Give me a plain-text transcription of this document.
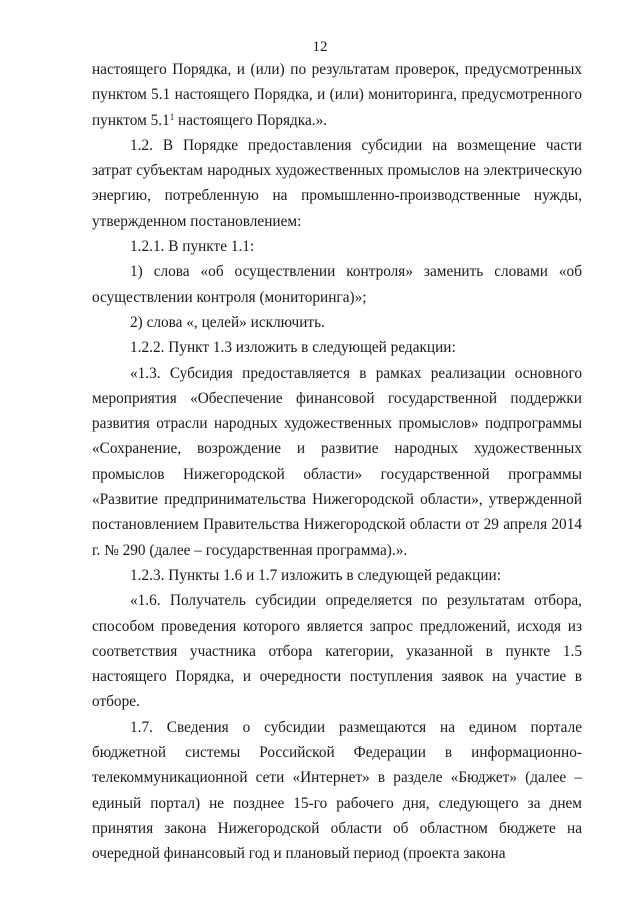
12

настоящего Порядка, и (или) по результатам проверок, предусмотренных пунктом 5.1 настоящего Порядка, и (или) мониторинга, предусмотренного пунктом $5.1^1$ настоящего Порядка.».

1.2. В Порядке предоставления субсидии на возмещение части затрат субъектам народных художественных промыслов на электрическую энергию, потребленную на промышленно-производственные нужды, утвержденном постановлением:

1.2.1. В пункте 1.1:

1) слова «об осуществлении контроля» заменить словами «об осуществлении контроля (мониторинга)»;

2) слова «, целей» исключить.

1.2.2. Пункт 1.3 изложить в следующей редакции:

«1.3. Субсидия предоставляется в рамках реализации основного мероприятия «Обеспечение финансовой государственной поддержки развития отрасли народных художественных промыслов» подпрограммы «Сохранение, возрождение и развитие народных художественных промыслов Нижегородской области» государственной программы «Развитие предпринимательства Нижегородской области», утвержденной постановлением Правительства Нижегородской области от 29 апреля 2014 г. № 290 (далее – государственная программа).».

1.2.3. Пункты 1.6 и 1.7 изложить в следующей редакции:

«1.6. Получатель субсидии определяется по результатам отбора, способом проведения которого является запрос предложений, исходя из соответствия участника отбора категории, указанной в пункте 1.5 настоящего Порядка, и очередности поступления заявок на участие в отборе.

1.7. Сведения о субсидии размещаются на едином портале бюджетной системы Российской Федерации в информационно-телекоммуникационной сети «Интернет» в разделе «Бюджет» (далее – единый портал) не позднее 15-го рабочего дня, следующего за днем принятия закона Нижегородской области об областном бюджете на очередной финансовый год и плановый период (проекта закона
